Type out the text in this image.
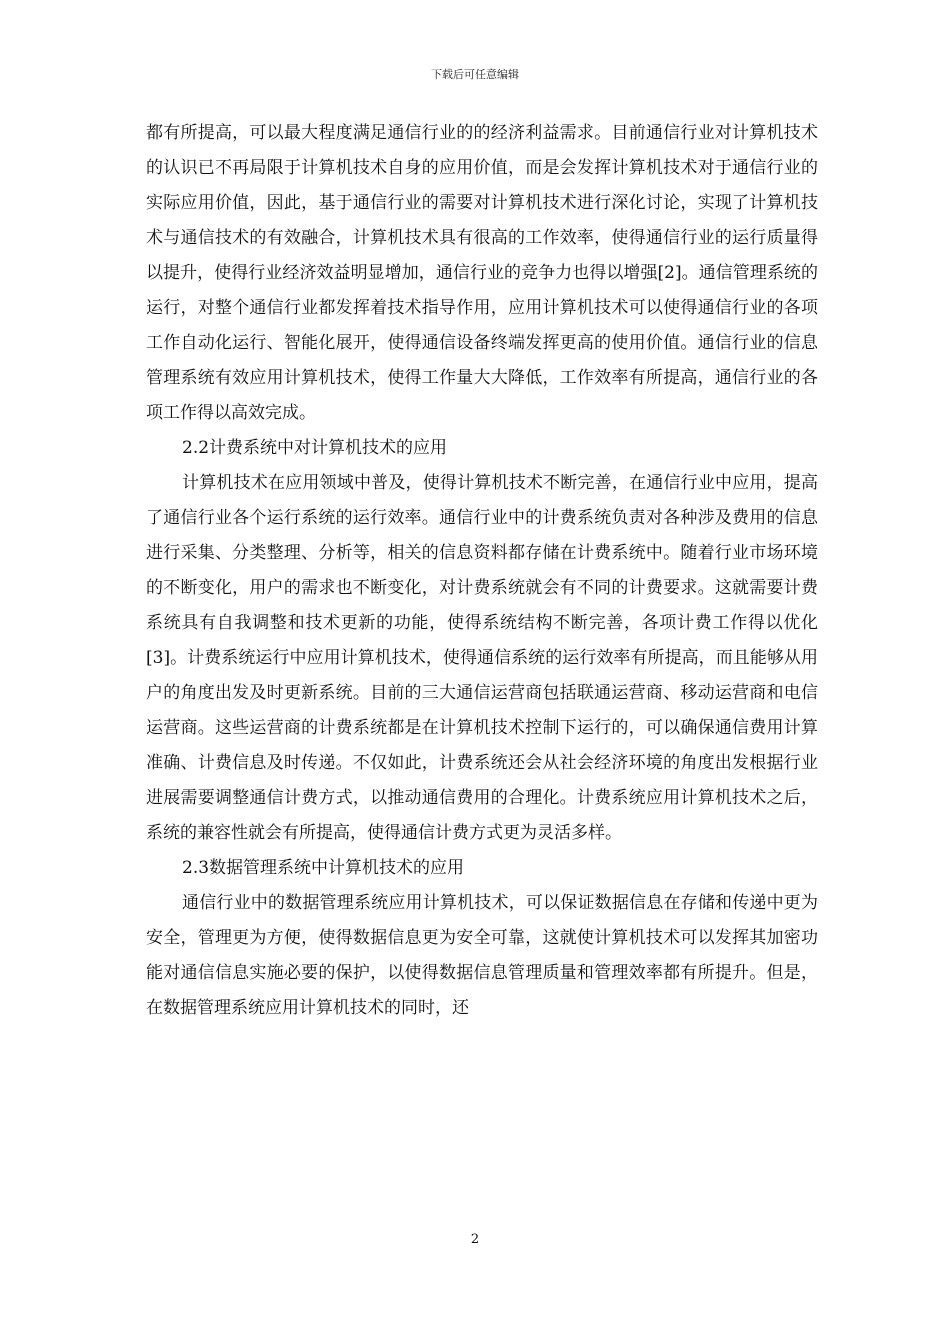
下载后可任意编辑

都有所提高，可以最大程度满足通信行业的的经济利益需求。目前通信行业对计算机技术的认识已不再局限于计算机技术自身的应用价值，而是会发挥计算机技术对于通信行业的实际应用价值，因此，基于通信行业的需要对计算机技术进行深化讨论，实现了计算机技术与通信技术的有效融合，计算机技术具有很高的工作效率，使得通信行业的运行质量得以提升，使得行业经济效益明显增加，通信行业的竞争力也得以增强[2]。通信管理系统的运行，对整个通信行业都发挥着技术指导作用，应用计算机技术可以使得通信行业的各项工作自动化运行、智能化展开，使得通信设备终端发挥更高的使用价值。通信行业的信息管理系统有效应用计算机技术，使得工作量大大降低，工作效率有所提高，通信行业的各项工作得以高效完成。

2.2计费系统中对计算机技术的应用

计算机技术在应用领域中普及，使得计算机技术不断完善，在通信行业中应用，提高了通信行业各个运行系统的运行效率。通信行业中的计费系统负责对各种涉及费用的信息进行采集、分类整理、分析等，相关的信息资料都存储在计费系统中。随着行业市场环境的不断变化，用户的需求也不断变化，对计费系统就会有不同的计费要求。这就需要计费系统具有自我调整和技术更新的功能，使得系统结构不断完善，各项计费工作得以优化[3]。计费系统运行中应用计算机技术，使得通信系统的运行效率有所提高，而且能够从用户的角度出发及时更新系统。目前的三大通信运营商包括联通运营商、移动运营商和电信运营商。这些运营商的计费系统都是在计算机技术控制下运行的，可以确保通信费用计算准确、计费信息及时传递。不仅如此，计费系统还会从社会经济环境的角度出发根据行业进展需要调整通信计费方式，以推动通信费用的合理化。计费系统应用计算机技术之后，系统的兼容性就会有所提高，使得通信计费方式更为灵活多样。

2.3数据管理系统中计算机技术的应用

通信行业中的数据管理系统应用计算机技术，可以保证数据信息在存储和传递中更为安全，管理更为方便，使得数据信息更为安全可靠，这就使计算机技术可以发挥其加密功能对通信信息实施必要的保护，以使得数据信息管理质量和管理效率都有所提升。但是，在数据管理系统应用计算机技术的同时，还

2
